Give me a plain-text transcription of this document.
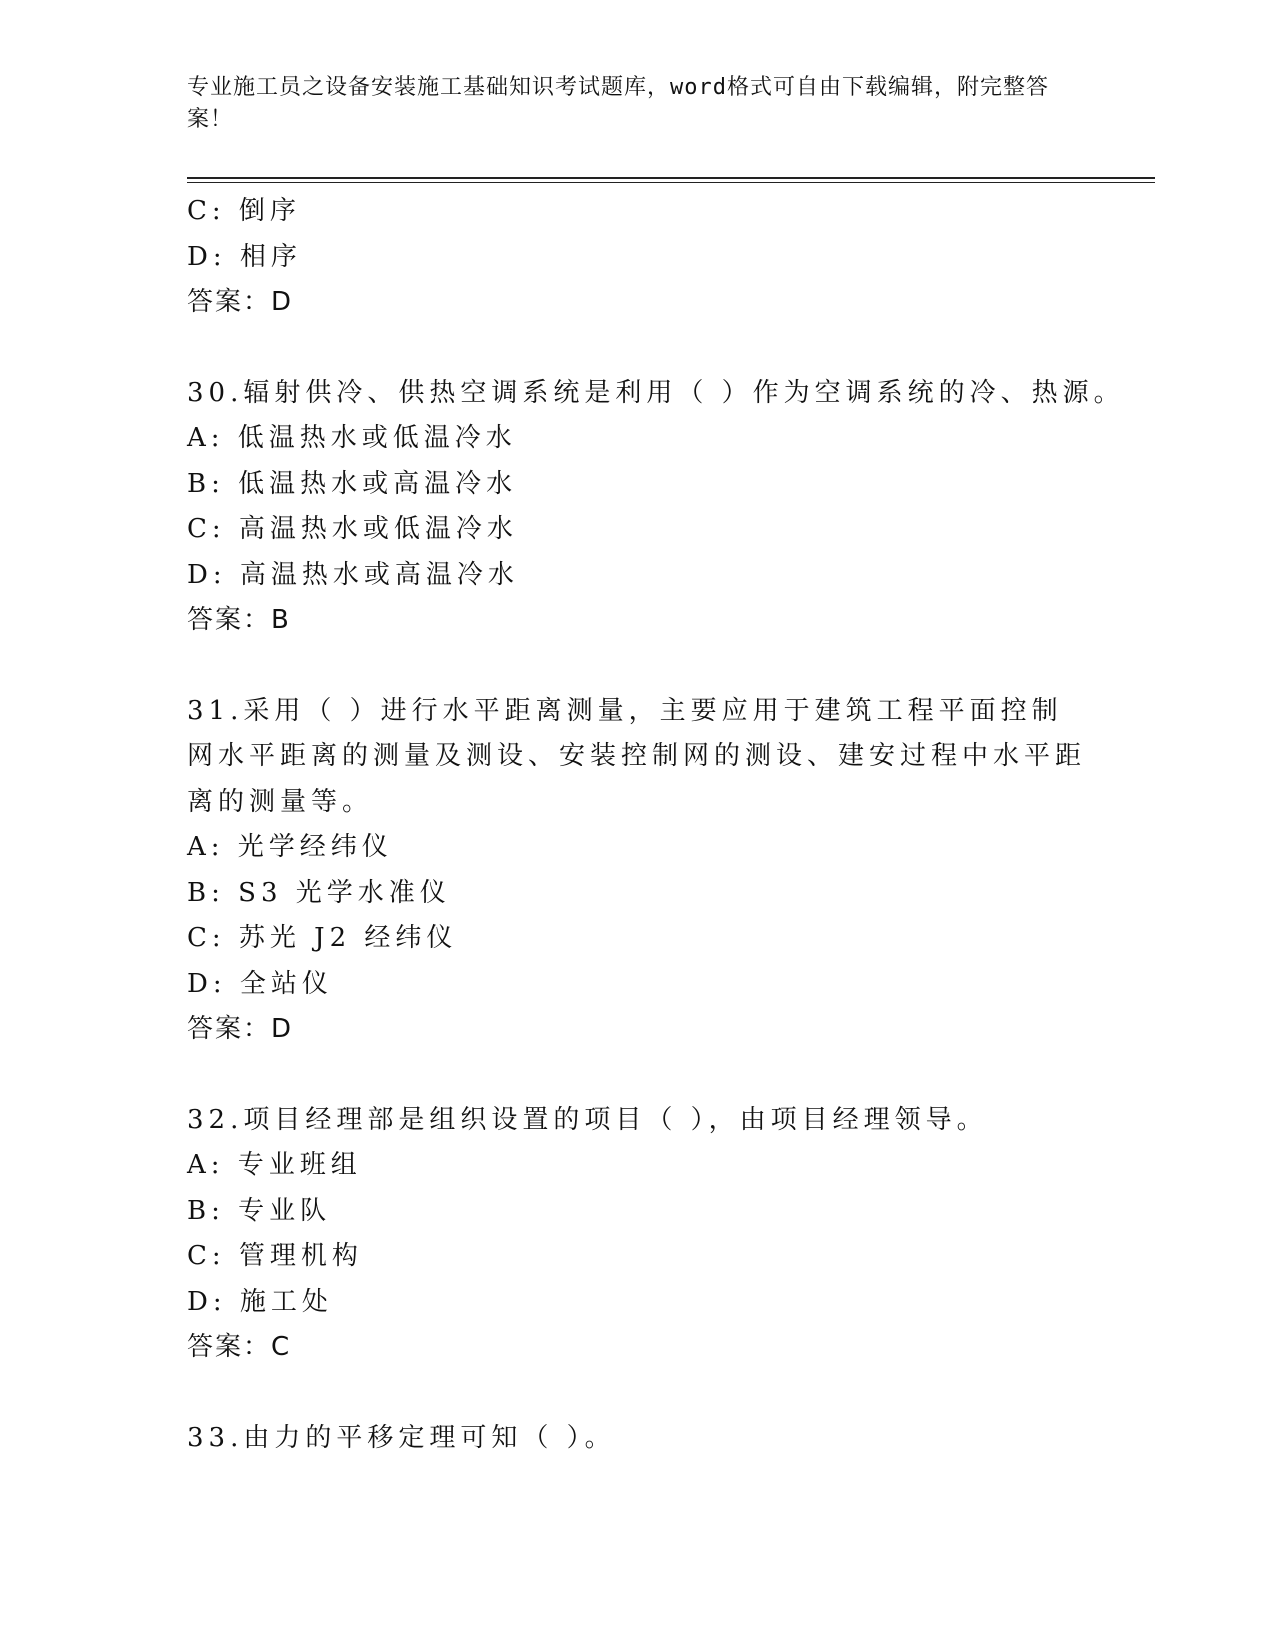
专业施工员之设备安装施工基础知识考试题库，word格式可自由下载编辑，附完整答案！
C: 倒序
D: 相序
答案：D
30.辐射供冷、供热空调系统是利用（ ）作为空调系统的冷、热源。
A: 低温热水或低温冷水
B: 低温热水或高温冷水
C: 高温热水或低温冷水
D: 高温热水或高温冷水
答案：B
31.采用（ ）进行水平距离测量，主要应用于建筑工程平面控制网水平距离的测量及测设、安装控制网的测设、建安过程中水平距离的测量等。
A: 光学经纬仪
B: S3 光学水准仪
C: 苏光 J2 经纬仪
D: 全站仪
答案：D
32.项目经理部是组织设置的项目（ ），由项目经理领导。
A: 专业班组
B: 专业队
C: 管理机构
D: 施工处
答案：C
33.由力的平移定理可知（ ）。
